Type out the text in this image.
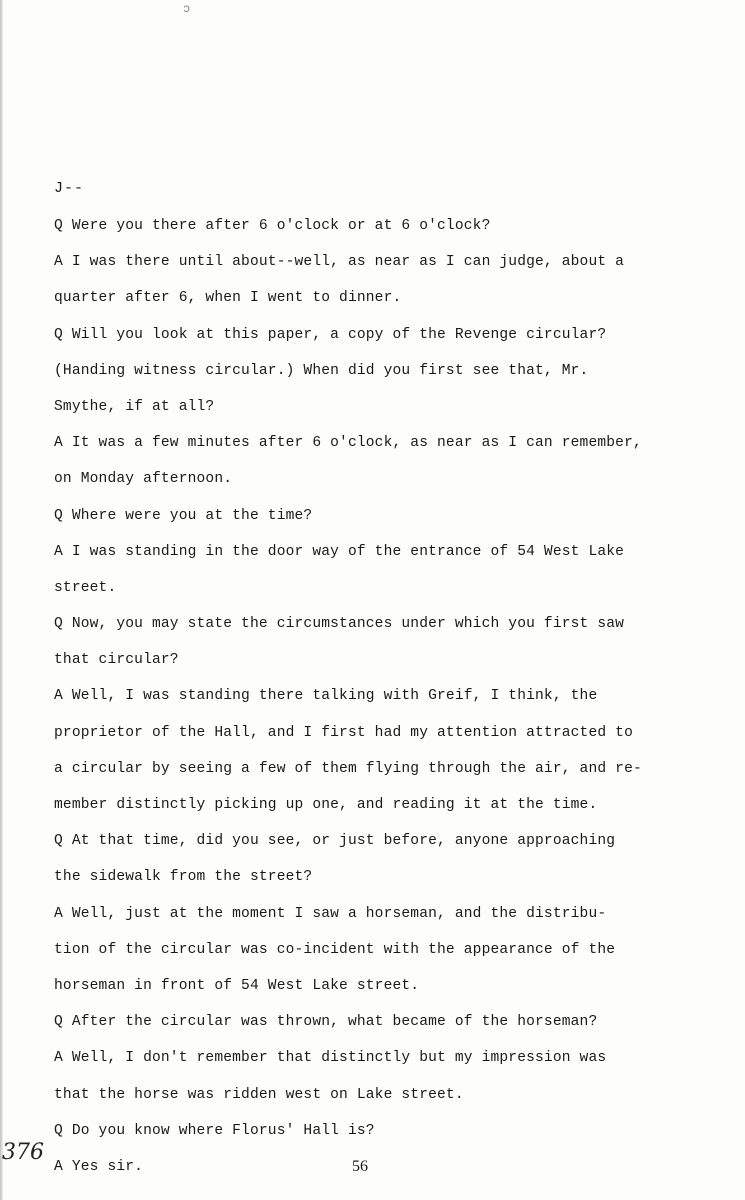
ɔ
J--
Q Were you there after 6 o'clock or at 6 o'clock?
A I was there until about--well, as near as I can judge, about a
quarter after 6, when I went to dinner.
Q Will you look at this paper, a copy of the Revenge circular?
(Handing witness circular.) When did you first see that, Mr.
Smythe, if at all?
A It was a few minutes after 6 o'clock, as near as I can remember,
on Monday afternoon.
Q Where were you at the time?
A I was standing in the door way of the entrance of 54 West Lake
street.
Q Now, you may state the circumstances under which you first saw
that circular?
A Well, I was standing there talking with Greif, I think, the
proprietor of the Hall, and I first had my attention attracted to
a circular by seeing a few of them flying through the air, and re-
member distinctly picking up one, and reading it at the time.
Q At that time, did you see, or just before, anyone approaching
the sidewalk from the street?
A Well, just at the moment I saw a horseman, and the distribu-
tion of the circular was co-incident with the appearance of the
horseman in front of 54 West Lake street.
Q After the circular was thrown, what became of the horseman?
A Well, I don't remember that distinctly but my impression was
that the horse was ridden west on Lake street.
Q Do you know where Florus' Hall is?
A Yes sir.	56
376
